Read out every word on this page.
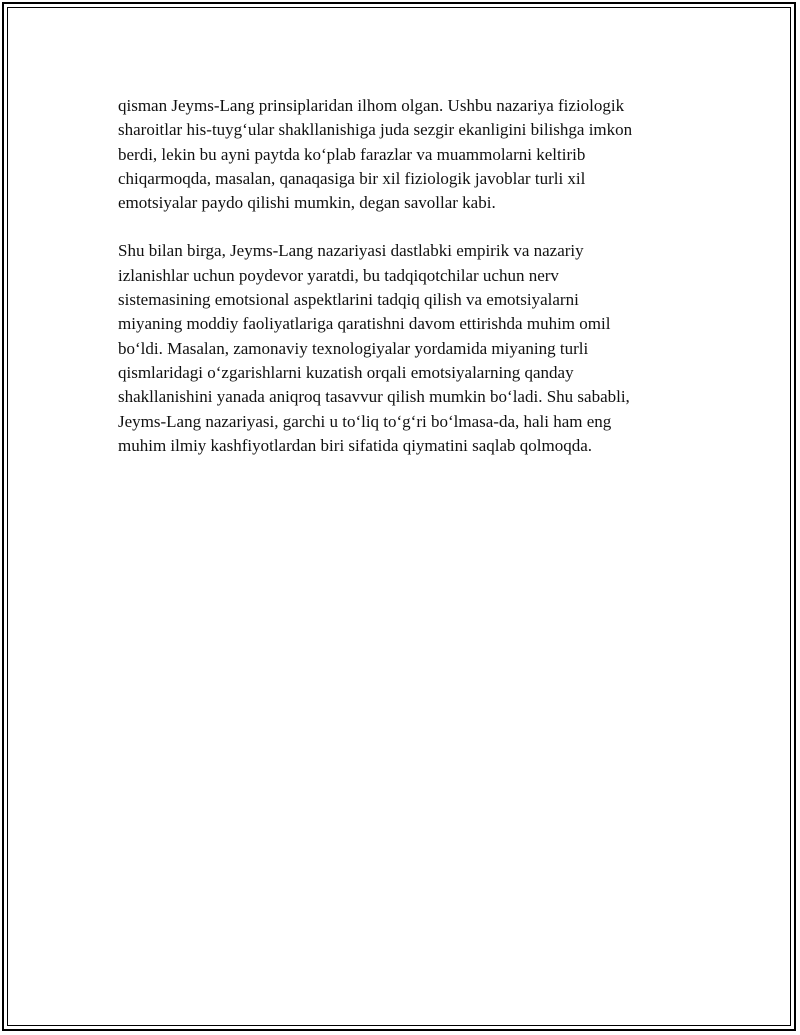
qisman Jeyms-Lang prinsiplaridan ilhom olgan. Ushbu nazariya fiziologik
sharoitlar his-tuyg‘ular shakllanishiga juda sezgir ekanligini bilishga imkon
berdi, lekin bu ayni paytda ko‘plab farazlar va muammolarni keltirib
chiqarmoqda, masalan, qanaqasiga bir xil fiziologik javoblar turli xil
emotsiyalar paydo qilishi mumkin, degan savollar kabi.

Shu bilan birga, Jeyms-Lang nazariyasi dastlabki empirik va nazariy
izlanishlar uchun poydevor yaratdi, bu tadqiqotchilar uchun nerv
sistemasining emotsional aspektlarini tadqiq qilish va emotsiyalarni
miyaning moddiy faoliyatlariga qaratishni davom ettirishda muhim omil
bo‘ldi. Masalan, zamonaviy texnologiyalar yordamida miyaning turli
qismlaridagi o‘zgarishlarni kuzatish orqali emotsiyalarning qanday
shakllanishini yanada aniqroq tasavvur qilish mumkin bo‘ladi. Shu sababli,
Jeyms-Lang nazariyasi, garchi u to‘liq to‘g‘ri bo‘lmasa-da, hali ham eng
muhim ilmiy kashfiyotlardan biri sifatida qiymatini saqlab qolmoqda.
